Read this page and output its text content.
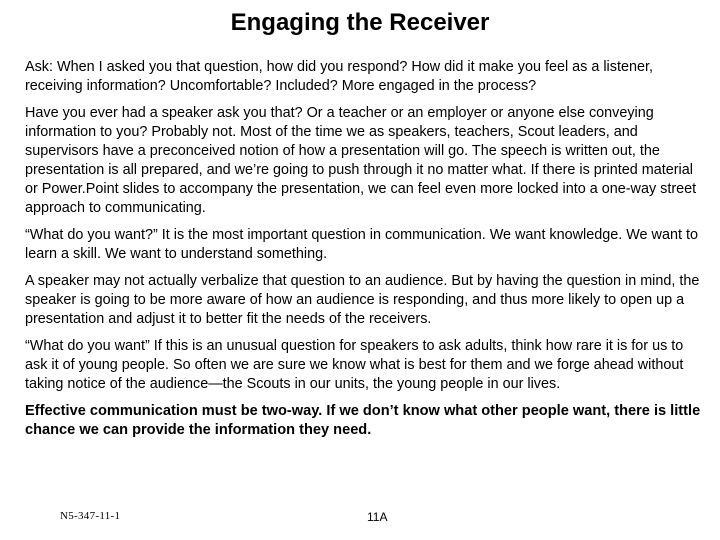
Engaging the Receiver

Ask: When I asked you that question, how did you respond? How did it make you feel as a listener, receiving information? Uncomfortable? Included? More engaged in the process?

Have you ever had a speaker ask you that? Or a teacher or an employer or anyone else conveying information to you? Probably not. Most of the time we as speakers, teachers, Scout leaders, and supervisors have a preconceived notion of how a presentation will go. The speech is written out, the presentation is all prepared, and we’re going to push through it no matter what. If there is printed material or Power.Point slides to accompany the presentation, we can feel even more locked into a one-way street approach to communicating.

“What do you want?” It is the most important question in communication. We want knowledge. We want to learn a skill. We want to understand something.

A speaker may not actually verbalize that question to an audience. But by having the question in mind, the speaker is going to be more aware of how an audience is responding, and thus more likely to open up a presentation and adjust it to better fit the needs of the receivers.

“What do you want” If this is an unusual question for speakers to ask adults, think how rare it is for us to ask it of young people. So often we are sure we know what is best for them and we forge ahead without taking notice of the audience—the Scouts in our units, the young people in our lives.

Effective communication must be two-way. If we don’t know what other people want, there is little chance we can provide the information they need.

N5-347-11-1	11A
